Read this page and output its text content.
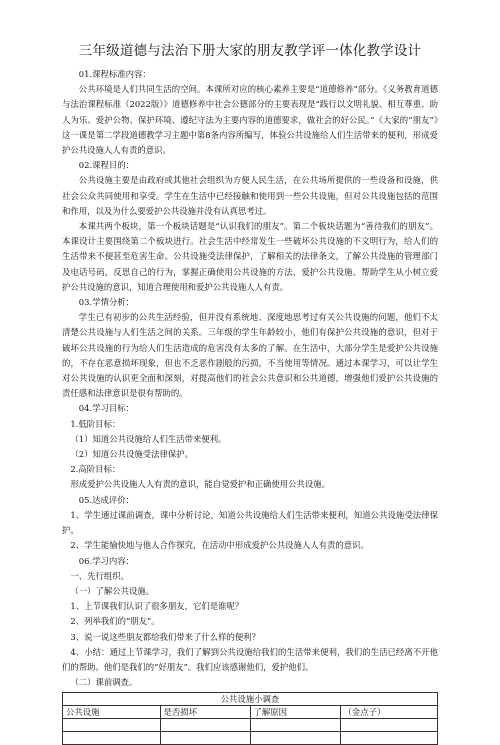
三年级道德与法治下册大家的朋友教学评一体化教学设计

01.课程标准内容：

公共环境是人们共同生活的空间。本课所对应的核心素养主要是“道德修养”部分。《义务教育道德与法治课程标准（2022版）》道德修养中社会公德部分的主要表现是“践行以文明礼貌、相互尊重、助人为乐、爱护公物、保护环境、遵纪守法为主要内容的道德要求，做社会的好公民。”《大家的“朋友”》这一课是第二学段道德教学习主题中第8条内容所编写，体验公共设施给人们生活带来的便利，形成爱护公共设施人人有责的意识。

02.课程目的：

公共设施主要是由政府或其他社会组织为方便人民生活，在公共场所提供的一些设备和设施，供社会公众共同使用和享受。学生在生活中已经接触和使用到一些公共设施，但对公共设施包括的范围和作用，以及为什么要爱护公共设施并没有认真思考过。

本课共两个板块，第一个板块话题是“认识我们的朋友”。第二个板块话题为“善待我们的朋友”。本课设计主要围绕第二个板块进行。社会生活中经常发生一些破坏公共设施的不文明行为，给人们的生活带来不便甚至危害生命。公共设施受法律保护，了解相关的法律条文，了解公共设施的管理部门及电话号码，反思自己的行为，掌握正确使用公共设施的方法，爱护公共设施。帮助学生从小树立爱护公共设施的意识，知道合理使用和爱护公共设施人人有责。

03.学情分析：

学生已有初步的公共生活经验，但并没有系统地、深度地思考过有关公共设施的问题，他们不太清楚公共设施与人们生活之间的关系。三年级的学生年龄较小，他们有保护公共设施的意识，但对于破坏公共设施的行为给人们生活造成的危害没有太多的了解。在生活中，大部分学生是爱护公共设施的，不存在恶意损坏现象，但也不乏恶作剧般的污损，不当使用等情况。通过本课学习，可以让学生对公共设施的认识更全面和深刻，对提高他们的社会公共意识和公共道德，增强他们爱护公共设施的责任感和法律意识是很有帮助的。

04.学习目标：

1.低阶目标：

（1）知道公共设施给人们生活带来便利。

（2）知道公共设施受法律保护。

2.高阶目标：

形成爱护公共设施人人有责的意识，能自觉爱护和正确使用公共设施。

05.达成评价：

1、学生通过课前调查，课中分析讨论，知道公共设施给人们生活带来便利，知道公共设施受法律保护。

2、学生能愉快地与他人合作探究，在活动中形成爱护公共设施人人有责的意识。

06.学习内容：

一、先行组织。

（一）了解公共设施。

1、上节课我们认识了很多朋友，它们是谁呢？

2、列举我们的“朋友”。

3、说一说这些朋友都给我们带来了什么样的便利？

4、小结：通过上节课学习，我们了解到公共设施给我们的生活带来便利，我们的生活已经离不开他们的帮助。他们是我们的“好朋友”。我们应该感谢他们，爱护他们。

（二）课前调查。

公共设施小调查			
公共设施	是否损坏	了解原因	（金点子）
